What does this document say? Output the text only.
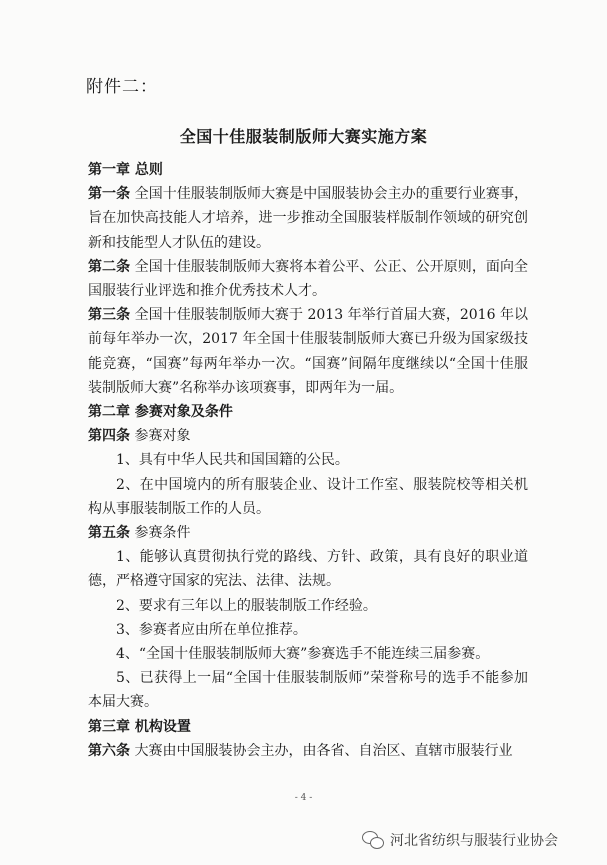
附件二：
全国十佳服装制版师大赛实施方案

第一章 总则

第一条 全国十佳服装制版师大赛是中国服装协会主办的重要行业赛事，旨在加快高技能人才培养，进一步推动全国服装样版制作领域的研究创新和技能型人才队伍的建设。

第二条 全国十佳服装制版师大赛将本着公平、公正、公开原则，面向全国服装行业评选和推介优秀技术人才。

第三条 全国十佳服装制版师大赛于 2013 年举行首届大赛，2016 年以前每年举办一次，2017 年全国十佳服装制版师大赛已升级为国家级技能竞赛，“国赛”每两年举办一次。“国赛”间隔年度继续以“全国十佳服装制版师大赛”名称举办该项赛事，即两年为一届。

第二章 参赛对象及条件

第四条 参赛对象

1、具有中华人民共和国国籍的公民。

2、在中国境内的所有服装企业、设计工作室、服装院校等相关机构从事服装制版工作的人员。

第五条 参赛条件

1、能够认真贯彻执行党的路线、方针、政策，具有良好的职业道德，严格遵守国家的宪法、法律、法规。

2、要求有三年以上的服装制版工作经验。

3、参赛者应由所在单位推荐。

4、“全国十佳服装制版师大赛”参赛选手不能连续三届参赛。

5、已获得上一届“全国十佳服装制版师”荣誉称号的选手不能参加本届大赛。

第三章 机构设置

第六条 大赛由中国服装协会主办，由各省、自治区、直辖市服装行业

- 4 -
河北省纺织与服装行业协会
